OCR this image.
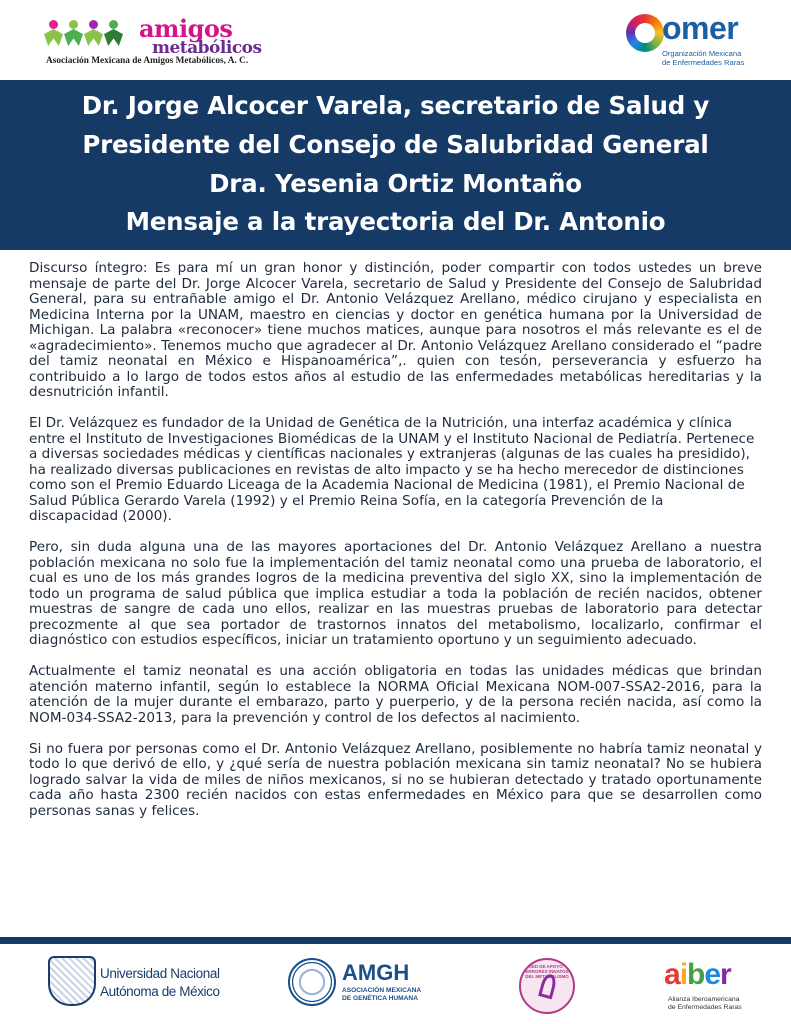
amigos
metabólicos
Asociación Mexicana de Amigos Metabólicos, A. C.
omer
Organización Mexicana
de Enfermedades Raras
Dr. Jorge Alcocer Varela, secretario de Salud y
Presidente del Consejo de Salubridad General
Dra. Yesenia Ortiz Montaño
Mensaje a la trayectoria del Dr. Antonio

Discurso íntegro: Es para mí un gran honor y distinción, poder compartir con todos ustedes un breve mensaje de parte del Dr. Jorge Alcocer Varela, secretario de Salud y Presidente del Consejo de Salubridad General, para su entrañable amigo el Dr. Antonio Velázquez Arellano, médico cirujano y especialista en Medicina Interna por la UNAM, maestro en ciencias y doctor en genética humana por la Universidad de Michigan. La palabra «reconocer» tiene muchos matices, aunque para nosotros el más relevante es el de «agradecimiento». Tenemos mucho que agradecer al Dr. Antonio Velázquez Arellano considerado el “padre del tamiz neonatal en México e Hispanoamérica”,. quien con tesón, perseverancia y esfuerzo ha contribuido a lo largo de todos estos años al estudio de las enfermedades metabólicas hereditarias y la desnutrición infantil.

El Dr. Velázquez es fundador de la Unidad de Genética de la Nutrición, una interfaz académica y clínica entre el Instituto de Investigaciones Biomédicas de la UNAM y el Instituto Nacional de Pediatría. Pertenece a diversas sociedades médicas y científicas nacionales y extranjeras (algunas de las cuales ha presidido), ha realizado diversas publicaciones en revistas de alto impacto y se ha hecho merecedor de distinciones como son el Premio Eduardo Liceaga de la Academia Nacional de Medicina (1981), el Premio Nacional de Salud Pública Gerardo Varela (1992) y el Premio Reina Sofía, en la categoría Prevención de la

discapacidad (2000).

Pero, sin duda alguna una de las mayores aportaciones del Dr. Antonio Velázquez Arellano a nuestra población mexicana no solo fue la implementación del tamiz neonatal como una prueba de laboratorio, el cual es uno de los más grandes logros de la medicina preventiva del siglo XX, sino la implementación de todo un programa de salud pública que implica estudiar a toda la población de recién nacidos, obtener muestras de sangre de cada uno ellos, realizar en las muestras pruebas de laboratorio para detectar precozmente al que sea portador de trastornos innatos del metabolismo, localizarlo, confirmar el diagnóstico con estudios específicos, iniciar un tratamiento oportuno y un seguimiento adecuado.

Actualmente el tamiz neonatal es una acción obligatoria en todas las unidades médicas que brindan atención materno infantil, según lo establece la NORMA Oficial Mexicana NOM-007-SSA2-2016, para la atención de la mujer durante el embarazo, parto y puerperio, y de la persona recién nacida, así como la NOM-034-SSA2-2013, para la prevención y control de los defectos al nacimiento.

Si no fuera por personas como el Dr. Antonio Velázquez Arellano, posiblemente no habría tamiz neonatal y todo lo que derivó de ello, y ¿qué sería de nuestra población mexicana sin tamiz neonatal? No se hubiera logrado salvar la vida de miles de niños mexicanos, si no se hubieran detectado y tratado oportunamente cada año hasta 2300 recién nacidos con estas enfermedades en México para que se desarrollen como personas sanas y felices.

Universidad Nacional
Autónoma de México
AMGH
ASOCIACIÓN MEXICANA
DE GENÉTICA HUMANA
RED DE APOYO · ERRORES INNATOS DEL METABOLISMO	aiber
Alianza Iberoamericana
de Enfermedades Raras
